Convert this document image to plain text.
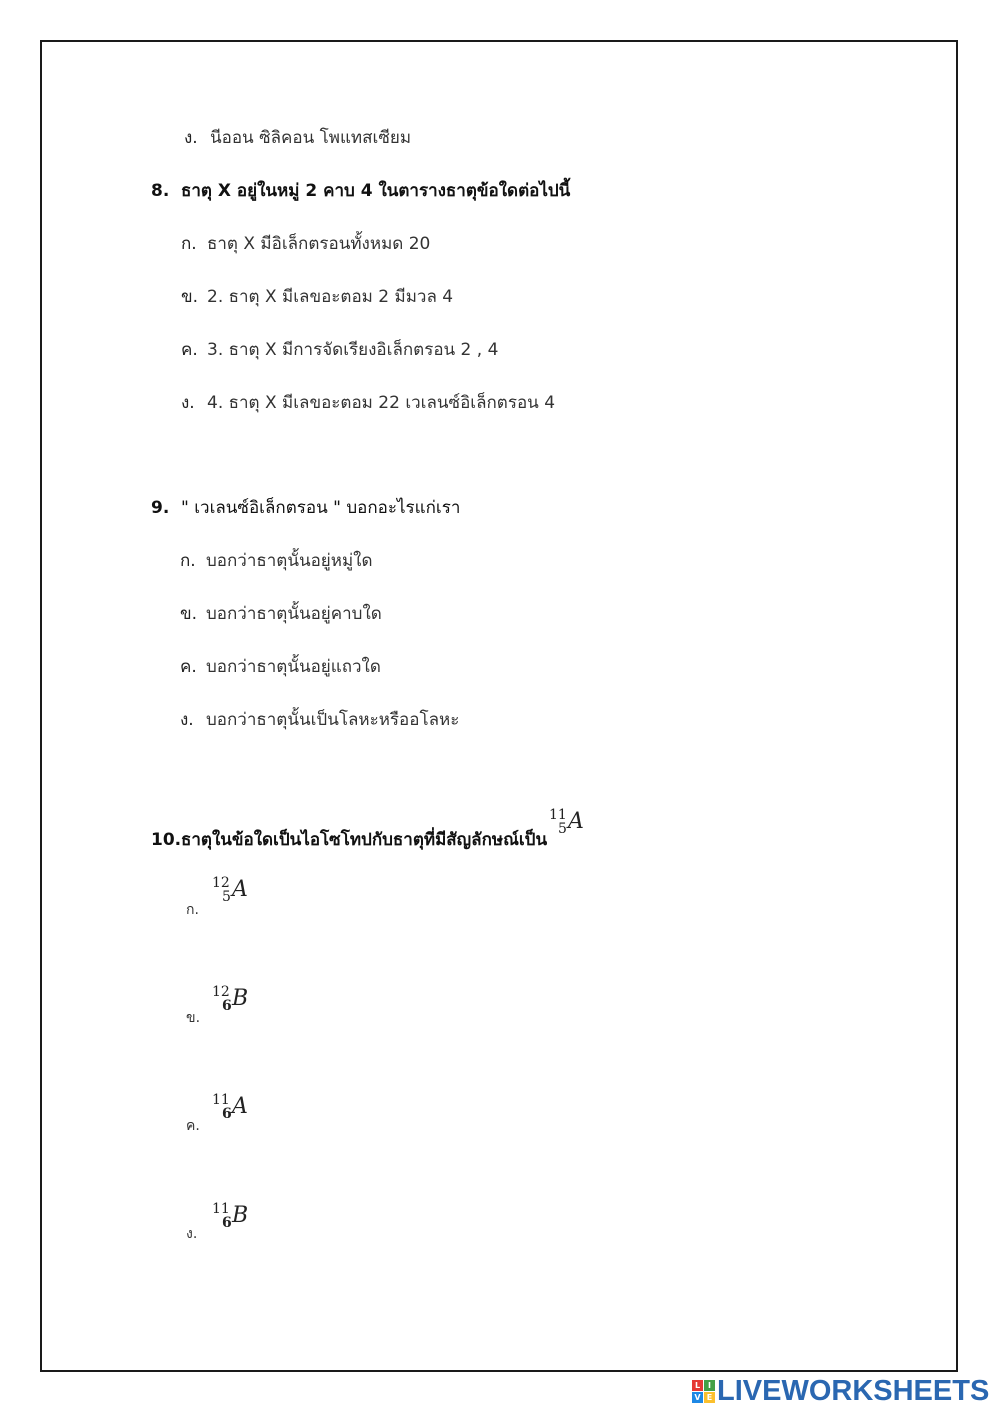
ง. นีออน ซิลิคอน โพแทสเซียม
8. ธาตุ X อยู่ในหมู่ 2 คาบ 4 ในตารางธาตุข้อใดต่อไปนี้
ก. ธาตุ X มีอิเล็กตรอนทั้งหมด 20
ข. 2. ธาตุ X มีเลขอะตอม 2 มีมวล 4
ค. 3. ธาตุ X มีการจัดเรียงอิเล็กตรอน 2 , 4
ง. 4. ธาตุ X มีเลขอะตอม 22 เวเลนซ์อิเล็กตรอน 4
9. " เวเลนซ์อิเล็กตรอน " บอกอะไรแก่เรา
ก. บอกว่าธาตุนั้นอยู่หมู่ใด
ข. บอกว่าธาตุนั้นอยู่คาบใด
ค. บอกว่าธาตุนั้นอยู่แถวใด
ง. บอกว่าธาตุนั้นเป็นโลหะหรืออโลหะ
10.ธาตุในข้อใดเป็นไอโซโทปกับธาตุที่มีสัญลักษณ์เป็น
11
5 A
ก.
12
5 A
ข.
12
6 B
ค.
11
6 A
ง.
11
6 B
L I
V E LIVEWORKSHEETS
